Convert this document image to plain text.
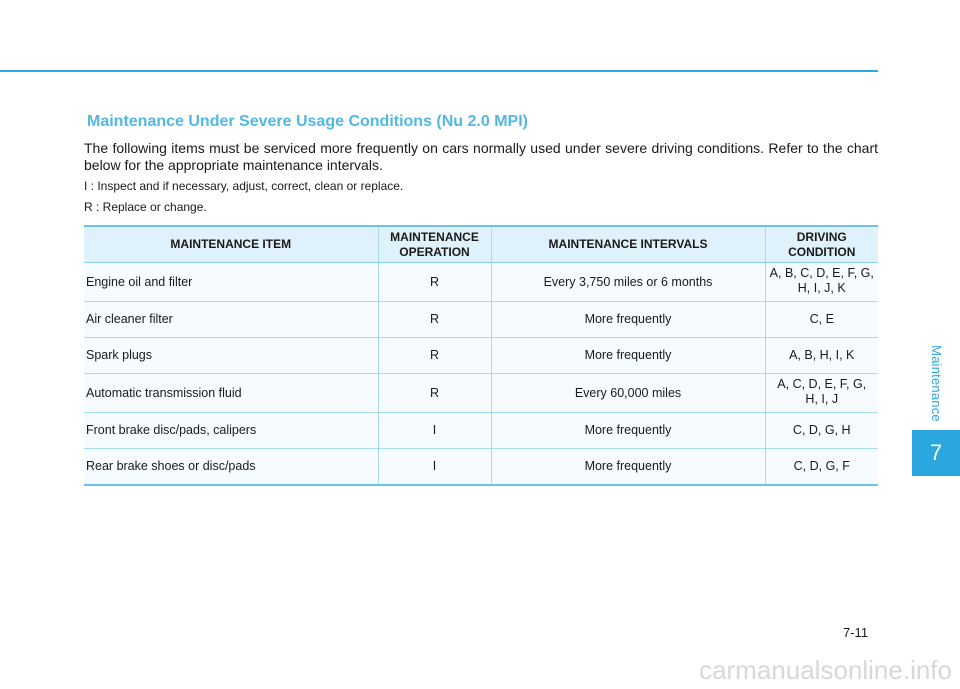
Maintenance
7
Maintenance Under Severe Usage Conditions (Nu 2.0 MPI)

The following items must be serviced more frequently on cars normally used under severe driving conditions. Refer to the chart below for the appropriate maintenance intervals.

I : Inspect and if necessary, adjust, correct, clean or replace.

R : Replace or change.

MAINTENANCE ITEM	MAINTENANCE OPERATION	MAINTENANCE INTERVALS	DRIVING CONDITION
Engine oil and filter	R	Every 3,750 miles or 6 months	A, B, C, D, E, F, G, H, I, J, K
Air cleaner filter	R	More frequently	C, E
Spark plugs	R	More frequently	A, B, H, I, K
Automatic transmission fluid	R	Every 60,000 miles	A, C, D, E, F, G, H, I, J
Front brake disc/pads, calipers	I	More frequently	C, D, G, H
Rear brake shoes or disc/pads	I	More frequently	C, D, G, F
7-11
carmanualsonline.info
